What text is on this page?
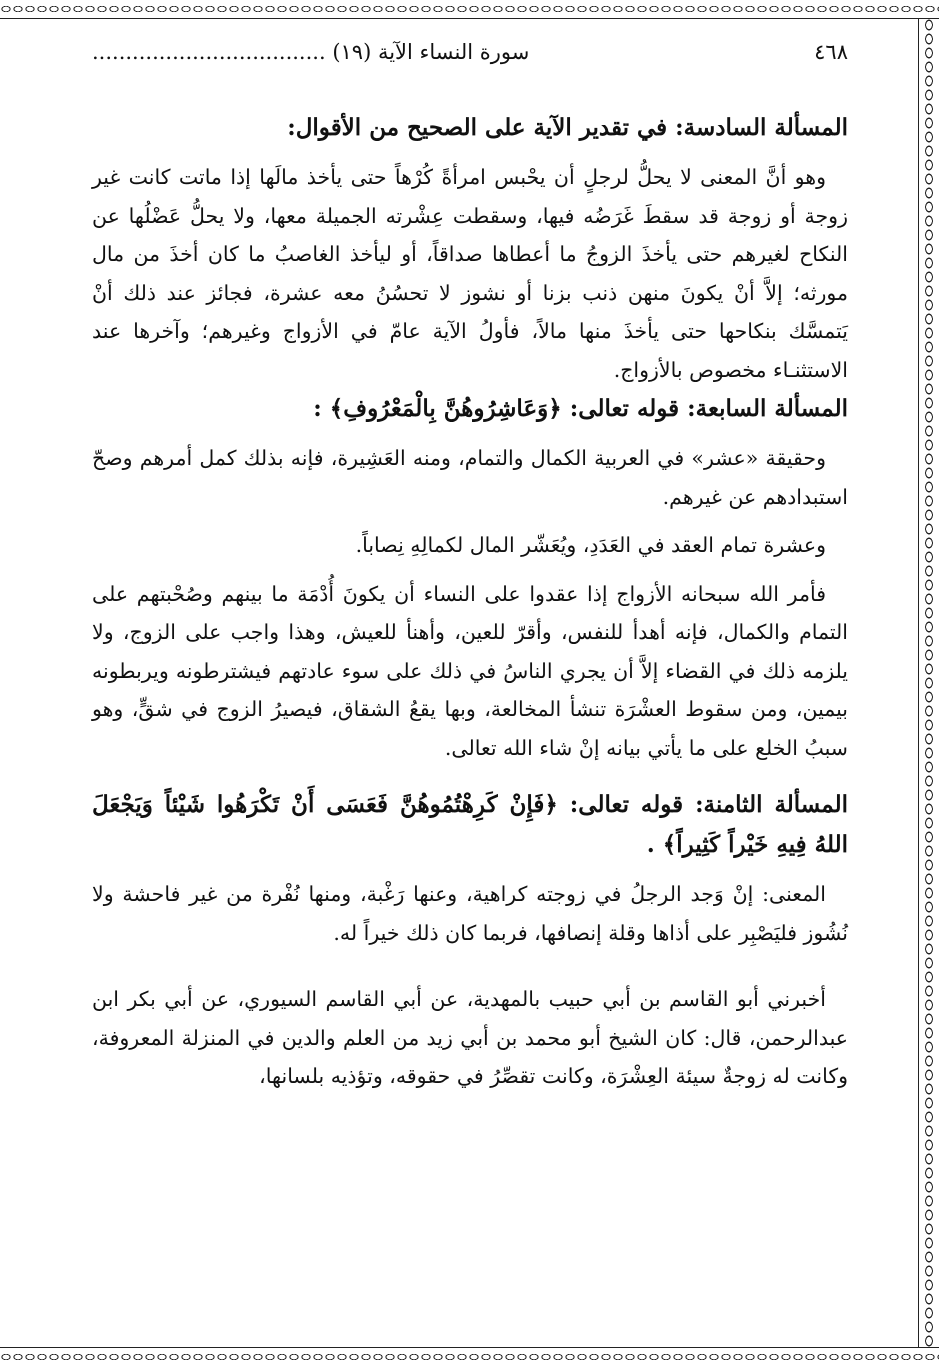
٤٦٨
سورة النساء الآية (١٩) .....

المسألة السادسة: في تقدير الآية على الصحيح من الأقوال:

وهو أنَّ المعنى لا يحلُّ لرجلٍ أن يحْبس امرأةً كُرْهاً حتى يأخذ مالَها إذا ماتت كانت غير زوجة أو زوجة قد سقطَ غَرَضُه فيها، وسقطت عِشْرته الجميلة معها، ولا يحلُّ عَضْلُها عن النكاح لغيرهم حتى يأخذَ الزوجُ ما أعطاها صداقاً، أو ليأخذ الغاصبُ ما كان أخذَ من مال مورثه؛ إلاَّ أنْ يكونَ منهن ذنب بزنا أو نشوز لا تحسُنُ معه عشرة، فجائز عند ذلك أنْ يَتمسَّك بنكاحها حتى يأخذَ منها مالاً، فأولُ الآية عامّ في الأزواج وغيرهم؛ وآخرها عند الاستثنـاء مخصوص بالأزواج.

المسألة السابعة: قوله تعالى: ﴿وَعَاشِرُوهُنَّ بِالْمَعْرُوفِ﴾ :

وحقيقة «عشر» في العربية الكمال والتمام، ومنه العَشِيرة، فإنه بذلك كمل أمرهم وصحّ استبدادهم عن غيرهم.

وعشرة تمام العقد في العَدَدِ، ويُعَشّر المال لكمالِهِ نِصاباً.

فأمر الله سبحانه الأزواج إذا عقدوا على النساء أن يكونَ أُدْمَة ما بينهم وصُحْبتهم على التمام والكمال، فإنه أهدأ للنفس، وأقرّ للعين، وأهنأ للعيش، وهذا واجب على الزوج، ولا يلزمه ذلك في القضاء إلاَّ أن يجري الناسُ في ذلك على سوء عادتهم فيشترطونه ويربطونه بيمين، ومن سقوط العشْرَة تنشأ المخالعة، وبها يقعُ الشقاق، فيصيرُ الزوج في شقٍّ، وهو سببُ الخلع على ما يأتي بيانه إنْ شاء الله تعالى.

المسألة الثامنة: قوله تعالى: ﴿فَإِنْ كَرِهْتُمُوهُنَّ فَعَسَى أَنْ تَكْرَهُوا شَيْئاً وَيَجْعَلَ اللهُ فِيهِ خَيْراً كَثِيراً﴾ .

المعنى: إنْ وَجد الرجلُ في زوجته كراهية، وعنها رَغْبة، ومنها نُفْرة من غير فاحشة ولا نُشُوز فليَصْبِر على أذاها وقلة إنصافها، فربما كان ذلك خيراً له.

أخبرني أبو القاسم بن أبي حبيب بالمهدية، عن أبي القاسم السيوري، عن أبي بكر ابن عبدالرحمن، قال: كان الشيخ أبو محمد بن أبي زيد من العلم والدين في المنزلة المعروفة، وكانت له زوجةٌ سيئة العِشْرَة، وكانت تقصِّرُ في حقوقه، وتؤذيه بلسانها،
